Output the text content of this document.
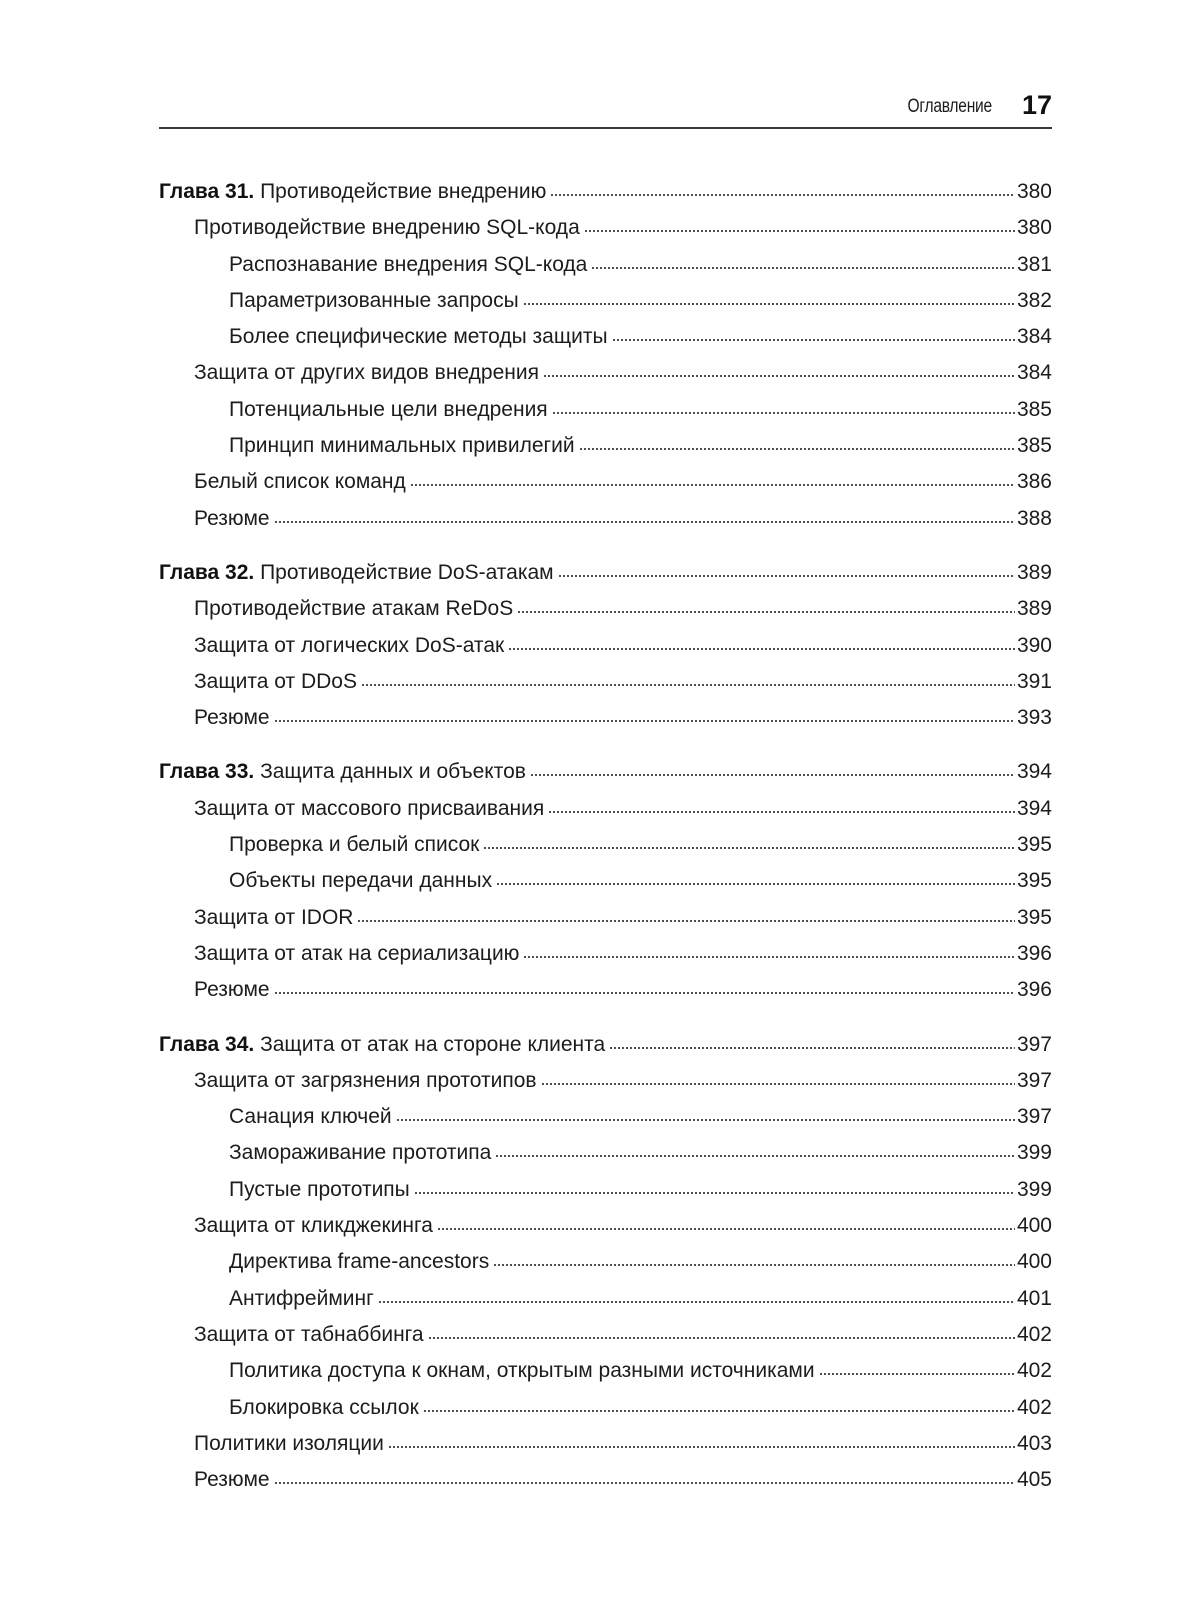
Оглавление 17
Глава 31. Противодействие внедрению	380
Противодействие внедрению SQL-кода	380
Распознавание внедрения SQL-кода	381
Параметризованные запросы	382
Более специфические методы защиты	384
Защита от других видов внедрения	384
Потенциальные цели внедрения	385
Принцип минимальных привилегий	385
Белый список команд	386
Резюме	388
Глава 32. Противодействие DoS-атакам	389
Противодействие атакам ReDoS	389
Защита от логических DoS-атак	390
Защита от DDoS	391
Резюме	393
Глава 33. Защита данных и объектов	394
Защита от массового присваивания	394
Проверка и белый список	395
Объекты передачи данных	395
Защита от IDOR	395
Защита от атак на сериализацию	396
Резюме	396
Глава 34. Защита от атак на стороне клиента	397
Защита от загрязнения прототипов	397
Санация ключей	397
Замораживание прототипа	399
Пустые прототипы	399
Защита от кликджекинга	400
Директива frame-ancestors	400
Антифрейминг	401
Защита от табнаббинга	402
Политика доступа к окнам, открытым разными источниками	402
Блокировка ссылок	402
Политики изоляции	403
Резюме	405
